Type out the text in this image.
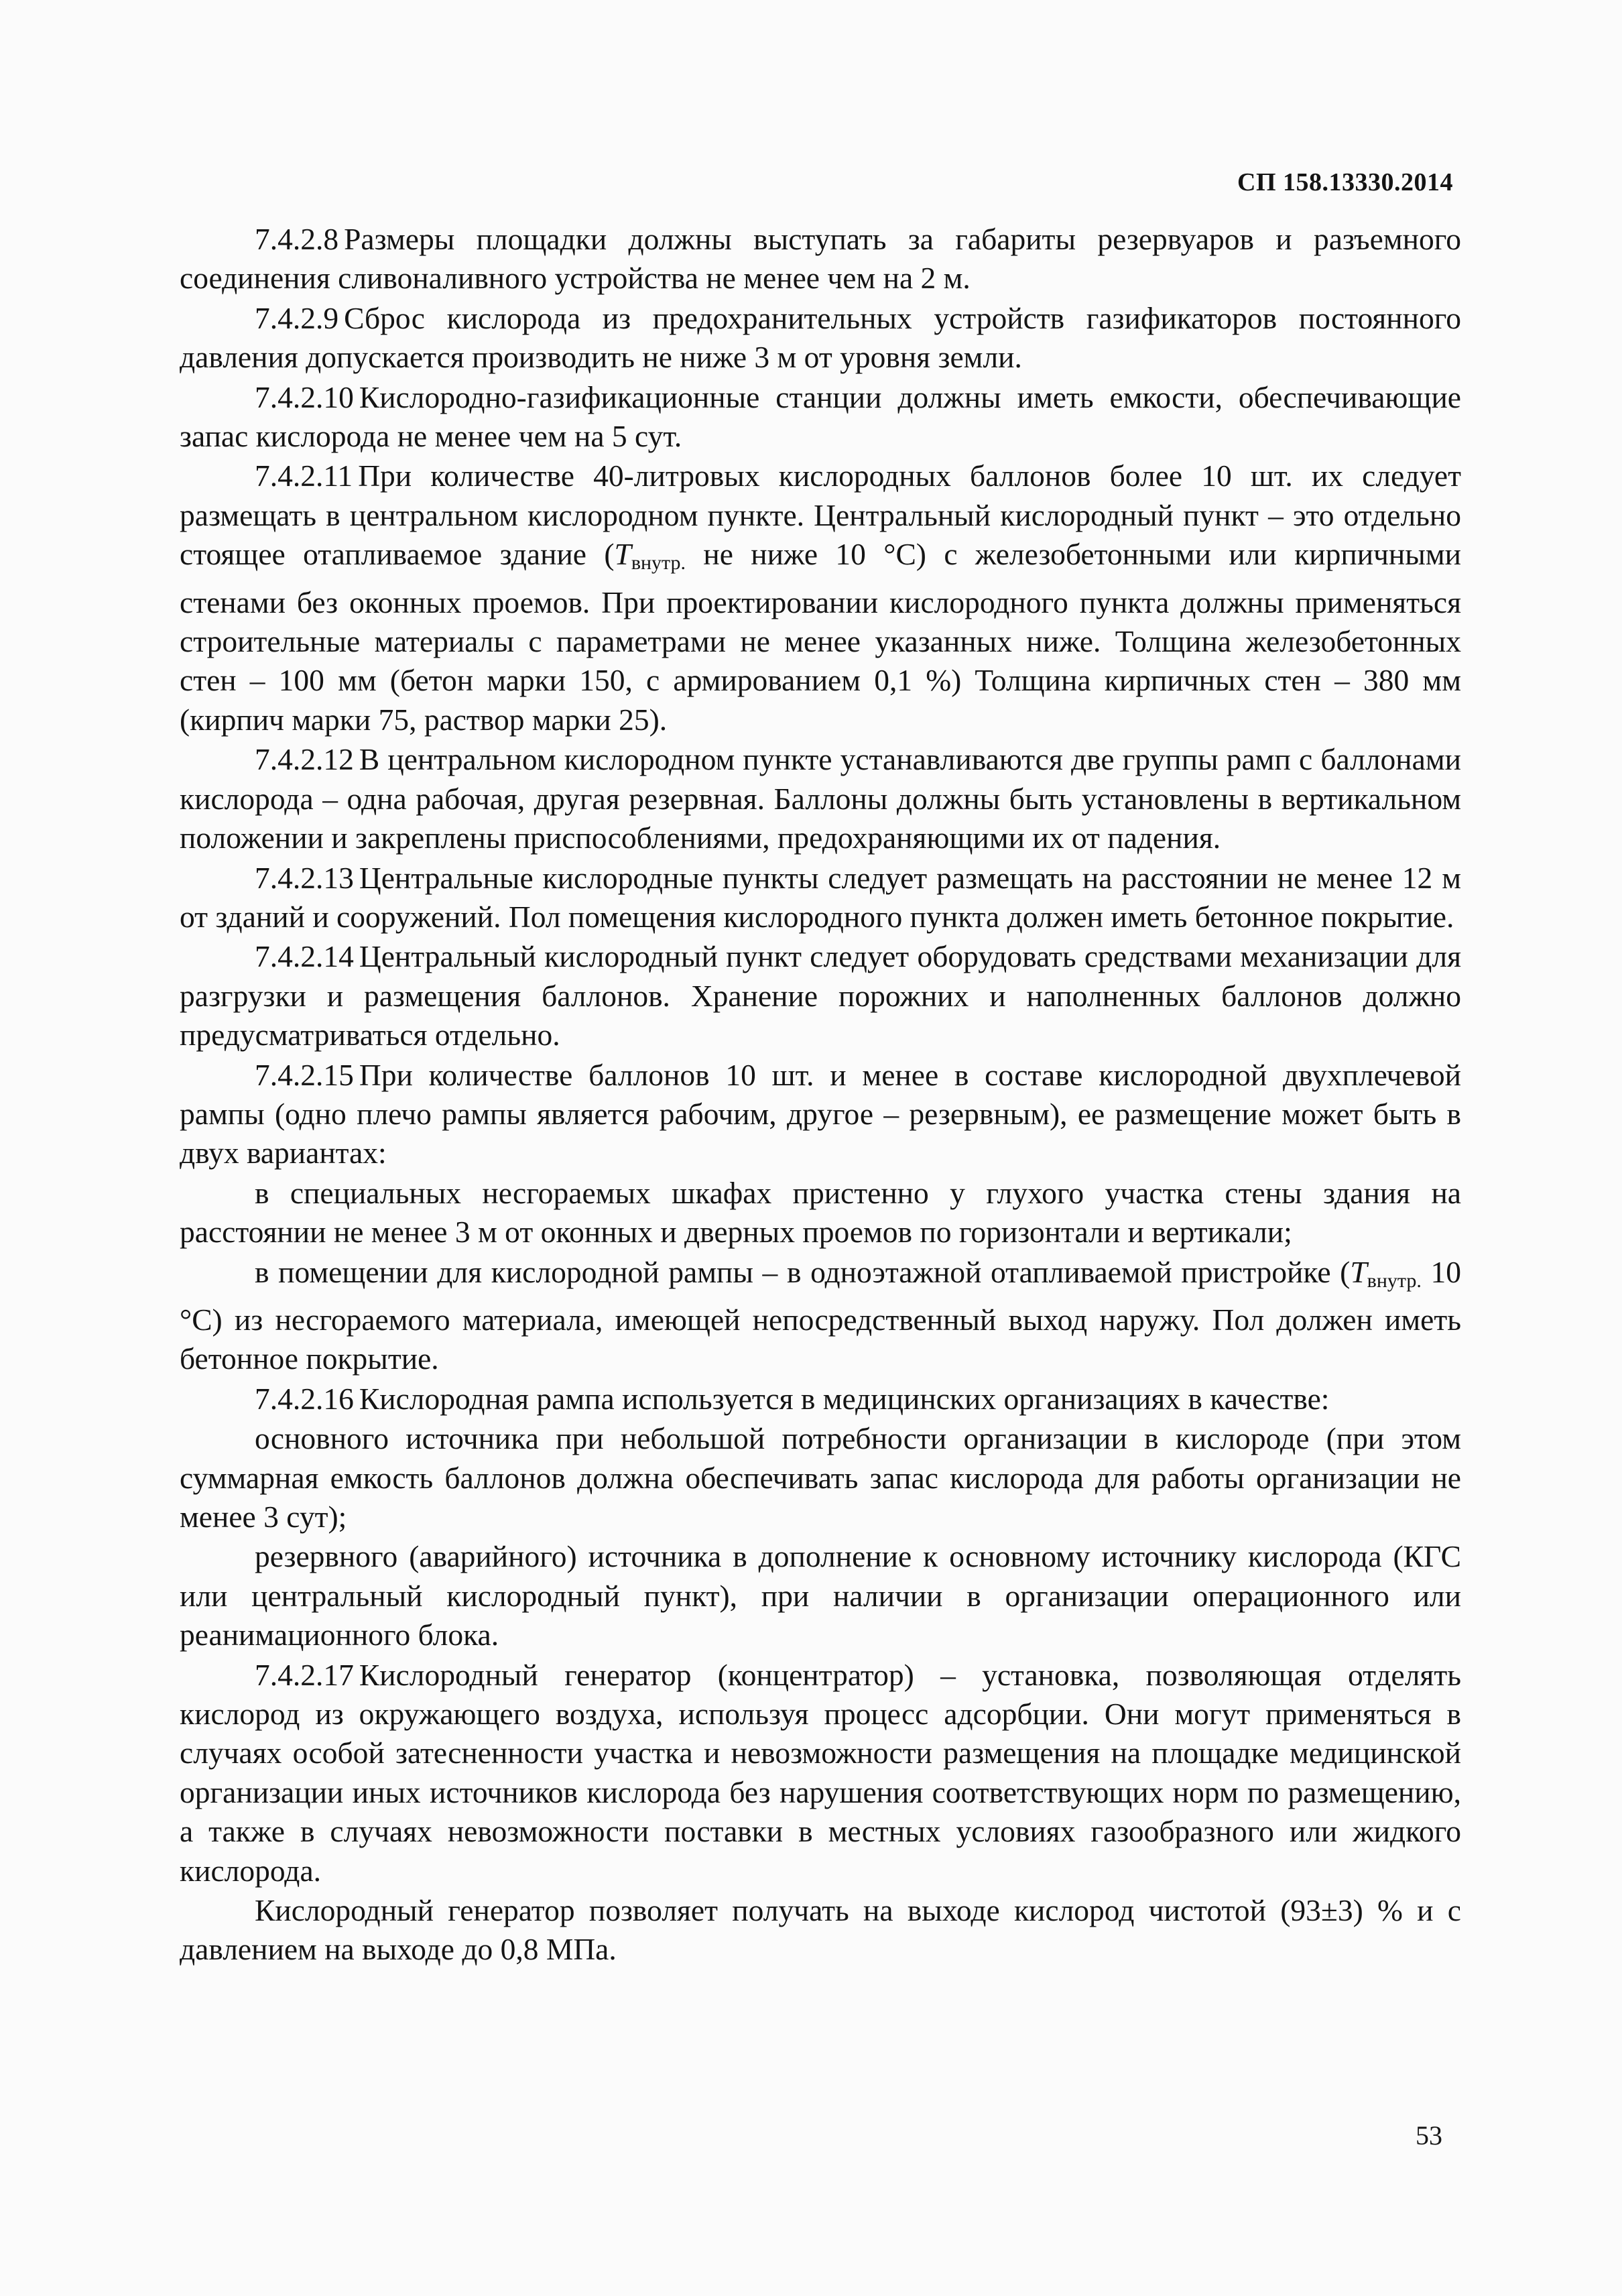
СП 158.13330.2014

7.4.2.8 Размеры площадки должны выступать за габариты резервуаров и разъемного соединения сливоналивного устройства не менее чем на 2 м.

7.4.2.9 Сброс кислорода из предохранительных устройств газификаторов постоянного давления допускается производить не ниже 3 м от уровня земли.

7.4.2.10 Кислородно-газификационные станции должны иметь емкости, обеспечивающие запас кислорода не менее чем на 5 сут.

7.4.2.11 При количестве 40-литровых кислородных баллонов более 10 шт. их следует размещать в центральном кислородном пункте. Центральный кислородный пункт – это отдельно стоящее отапливаемое здание ($T_{внутр.}$ не ниже 10 °С) с железобетонными или кирпичными стенами без оконных проемов. При проектировании кислородного пункта должны применяться строительные материалы с параметрами не менее указанных ниже. Толщина железобетонных стен – 100 мм (бетон марки 150, с армированием 0,1 %) Толщина кирпичных стен – 380 мм (кирпич марки 75, раствор марки 25).

7.4.2.12 В центральном кислородном пункте устанавливаются две группы рамп с баллонами кислорода – одна рабочая, другая резервная. Баллоны должны быть установлены в вертикальном положении и закреплены приспособлениями, предохраняющими их от падения.

7.4.2.13 Центральные кислородные пункты следует размещать на расстоянии не менее 12 м от зданий и сооружений. Пол помещения кислородного пункта должен иметь бетонное покрытие.

7.4.2.14 Центральный кислородный пункт следует оборудовать средствами механизации для разгрузки и размещения баллонов. Хранение порожних и наполненных баллонов должно предусматриваться отдельно.

7.4.2.15 При количестве баллонов 10 шт. и менее в составе кислородной двухплечевой рампы (одно плечо рампы является рабочим, другое – резервным), ее размещение может быть в двух вариантах:

в специальных несгораемых шкафах пристенно у глухого участка стены здания на расстоянии не менее 3 м от оконных и дверных проемов по горизонтали и вертикали;

в помещении для кислородной рампы – в одноэтажной отапливаемой пристройке ($T_{внутр.}$ 10 °С) из несгораемого материала, имеющей непосредственный выход наружу. Пол должен иметь бетонное покрытие.

7.4.2.16 Кислородная рампа используется в медицинских организациях в качестве:

основного источника при небольшой потребности организации в кислороде (при этом суммарная емкость баллонов должна обеспечивать запас кислорода для работы организации не менее 3 сут);

резервного (аварийного) источника в дополнение к основному источнику кислорода (КГС или центральный кислородный пункт), при наличии в организации операционного или реанимационного блока.

7.4.2.17 Кислородный генератор (концентратор) – установка, позволяющая отделять кислород из окружающего воздуха, используя процесс адсорбции. Они могут применяться в случаях особой затесненности участка и невозможности размещения на площадке медицинской организации иных источников кислорода без нарушения соответствующих норм по размещению, а также в случаях невозможности поставки в местных условиях газообразного или жидкого кислорода.

Кислородный генератор позволяет получать на выходе кислород чистотой (93±3) % и с давлением на выходе до 0,8 МПа.

53
